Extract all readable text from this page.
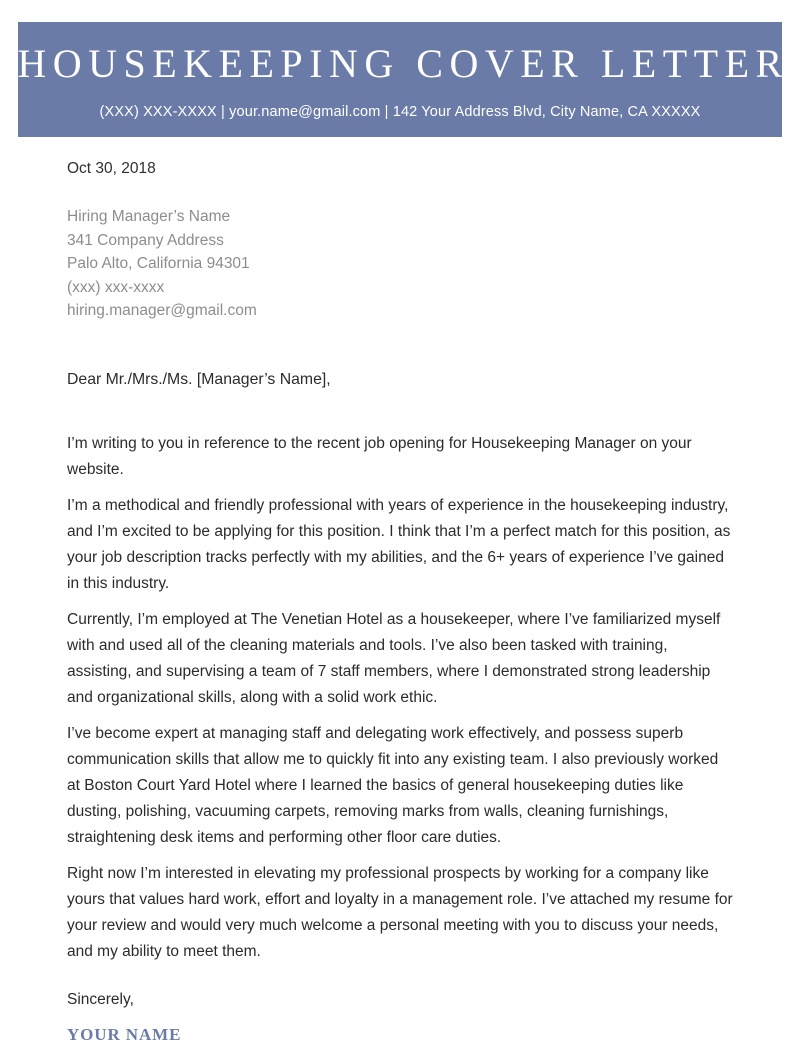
HOUSEKEEPING COVER LETTER
(XXX) XXX-XXXX | your.name@gmail.com | 142 Your Address Blvd, City Name, CA XXXXX
Oct 30, 2018
Hiring Manager’s Name
341 Company Address
Palo Alto, California 94301
(xxx) xxx-xxxx
hiring.manager@gmail.com
Dear Mr./Mrs./Ms. [Manager’s Name],

I’m writing to you in reference to the recent job opening for Housekeeping Manager on your website.

I’m a methodical and friendly professional with years of experience in the housekeeping industry, and I’m excited to be applying for this position. I think that I’m a perfect match for this position, as your job description tracks perfectly with my abilities, and the 6+ years of experience I’ve gained in this industry.

Currently, I’m employed at The Venetian Hotel as a housekeeper, where I’ve familiarized myself with and used all of the cleaning materials and tools. I’ve also been tasked with training, assisting, and supervising a team of 7 staff members, where I demonstrated strong leadership and organizational skills, along with a solid work ethic.

I’ve become expert at managing staff and delegating work effectively, and possess superb communication skills that allow me to quickly fit into any existing team. I also previously worked at Boston Court Yard Hotel where I learned the basics of general housekeeping duties like dusting, polishing, vacuuming carpets, removing marks from walls, cleaning furnishings, straightening desk items and performing other floor care duties.

Right now I’m interested in elevating my professional prospects by working for a company like yours that values hard work, effort and loyalty in a management role. I’ve attached my resume for your review and would very much welcome a personal meeting with you to discuss your needs, and my ability to meet them.

Sincerely,
YOUR NAME
